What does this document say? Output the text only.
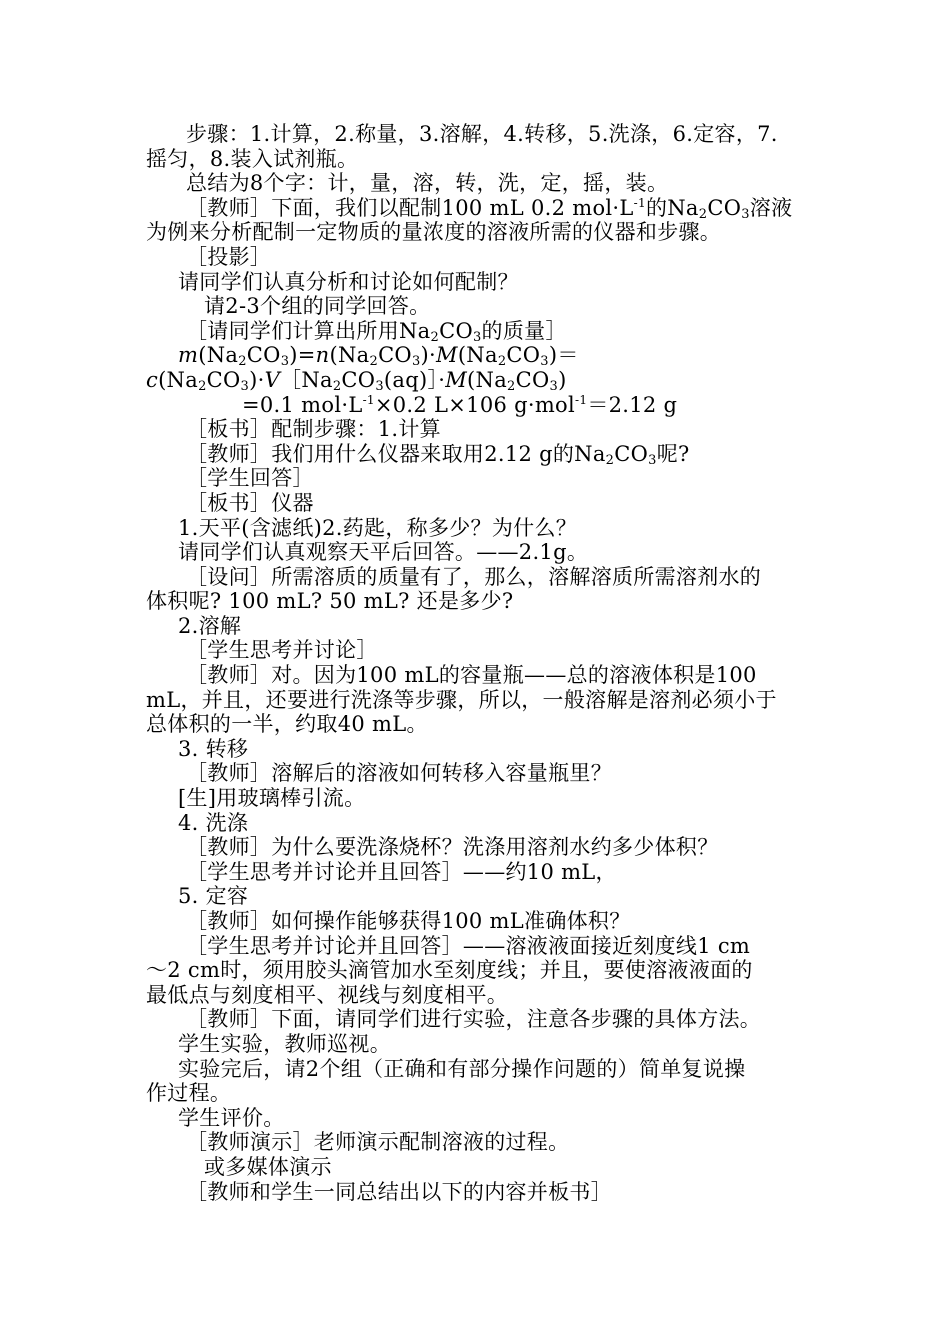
步骤：1.计算，2.称量，3.溶解，4.转移，5.洗涤，6.定容，7.
摇匀，8.装入试剂瓶。
总结为8个字：计，量，溶，转，洗，定，摇，装。
［教师］下面，我们以配制100 mL 0.2 $mol\cdot L^{-1}$的$Na_2CO_3$溶液
为例来分析配制一定物质的量浓度的溶液所需的仪器和步骤。
［投影］
请同学们认真分析和讨论如何配制？
请2-3个组的同学回答。
［请同学们计算出所用$Na_2CO_3$的质量］
$m(Na_2CO_3)=n(Na_2CO_3)\cdot M(Na_2CO_3)=$
$c(Na_2CO_3)\cdot V[Na_2CO_3(aq)]\cdot M(Na_2CO_3)$
=0.1 $mol\cdot L^{-1}\times 0.2$ L×106 g·mol$^{-1}$＝2.12 g
［板书］配制步骤：1.计算
［教师］我们用什么仪器来取用2.12 g的$Na_2CO_3$呢?
［学生回答］
［板书］仪器
1.天平(含滤纸)2.药匙，称多少？为什么？
请同学们认真观察天平后回答。——2.1g。
［设问］所需溶质的质量有了，那么，溶解溶质所需溶剂水的
体积呢? 100 mL? 50 mL? 还是多少?
2.溶解
［学生思考并讨论］
［教师］对。因为100 mL的容量瓶——总的溶液体积是100
mL，并且，还要进行洗涤等步骤，所以，一般溶解是溶剂必须小于
总体积的一半，约取40 mL。
3. 转移
［教师］溶解后的溶液如何转移入容量瓶里？
[生]用玻璃棒引流。
4. 洗涤
［教师］为什么要洗涤烧杯？洗涤用溶剂水约多少体积？
［学生思考并讨论并且回答］——约10 mL，
5. 定容
［教师］如何操作能够获得100 mL准确体积？
［学生思考并讨论并且回答］——溶液液面接近刻度线1 cm
～2 cm时，须用胶头滴管加水至刻度线；并且，要使溶液液面的
最低点与刻度相平、视线与刻度相平。
［教师］下面，请同学们进行实验，注意各步骤的具体方法。
学生实验，教师巡视。
实验完后，请2个组（正确和有部分操作问题的）简单复说操
作过程。
学生评价。
［教师演示］老师演示配制溶液的过程。
或多媒体演示
［教师和学生一同总结出以下的内容并板书］
